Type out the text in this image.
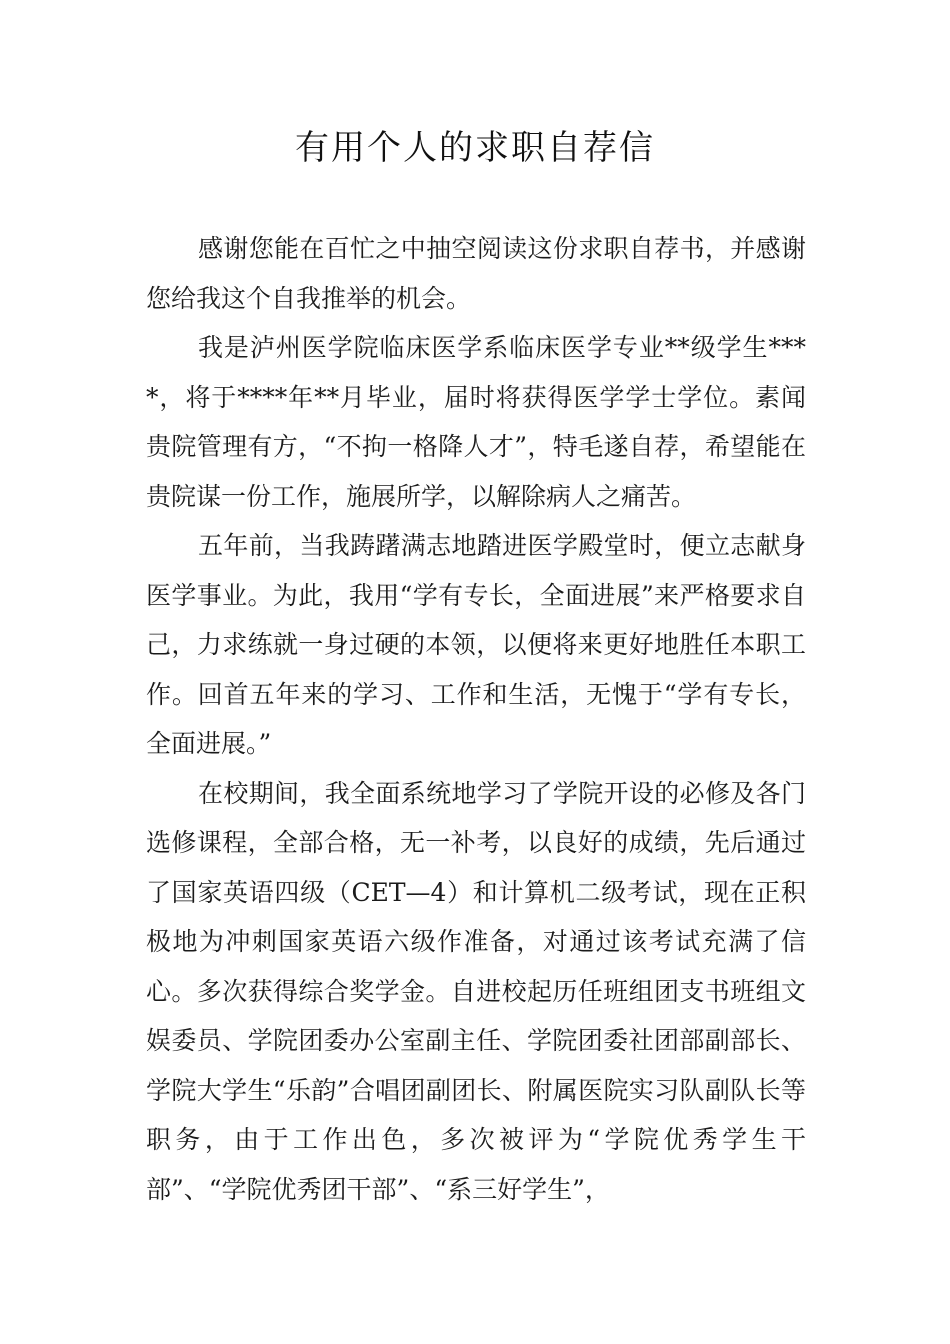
有用个人的求职自荐信

感谢您能在百忙之中抽空阅读这份求职自荐书，并感谢您给我这个自我推举的机会。

我是泸州医学院临床医学系临床医学专业**级学生****，将于****年**月毕业，届时将获得医学学士学位。素闻贵院管理有方，“不拘一格降人才”，特毛遂自荐，希望能在贵院谋一份工作，施展所学，以解除病人之痛苦。

五年前，当我踌躇满志地踏进医学殿堂时，便立志献身医学事业。为此，我用“学有专长，全面进展”来严格要求自己，力求练就一身过硬的本领，以便将来更好地胜任本职工作。回首五年来的学习、工作和生活，无愧于“学有专长，全面进展。”

在校期间，我全面系统地学习了学院开设的必修及各门选修课程，全部合格，无一补考，以良好的成绩，先后通过了国家英语四级（CET—4）和计算机二级考试，现在正积极地为冲刺国家英语六级作准备，对通过该考试充满了信心。多次获得综合奖学金。自进校起历任班组团支书班组文娱委员、学院团委办公室副主任、学院团委社团部副部长、学院大学生“乐韵”合唱团副团长、附属医院实习队副队长等职务，由于工作出色，多次被评为“学院优秀学生干部”、“学院优秀团干部”、“系三好学生”，
